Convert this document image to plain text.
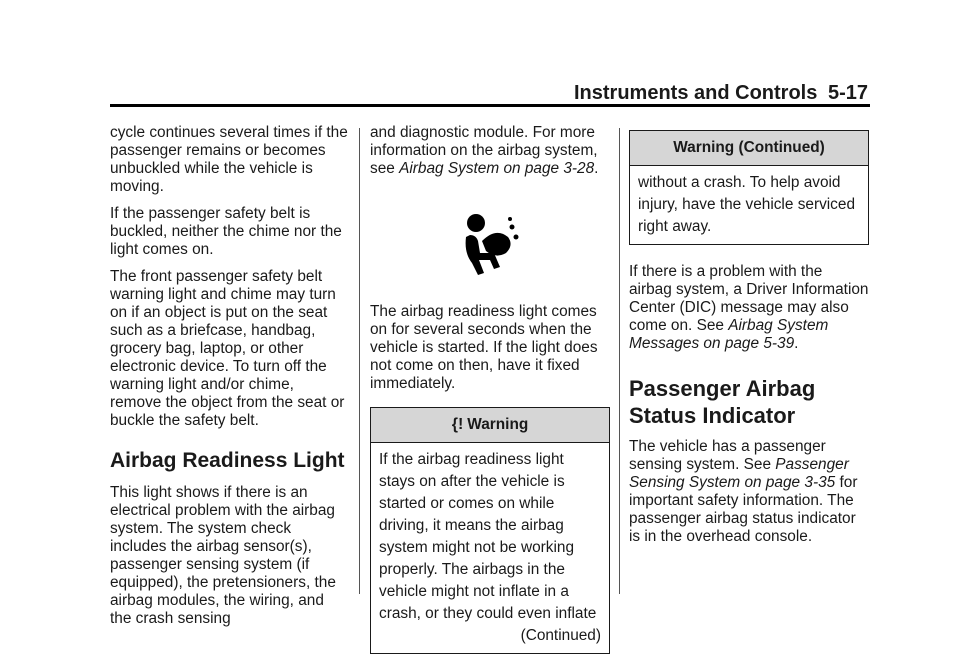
Instruments and Controls 5-17

cycle continues several times if the passenger remains or becomes unbuckled while the vehicle is moving.

If the passenger safety belt is buckled, neither the chime nor the light comes on.

The front passenger safety belt warning light and chime may turn on if an object is put on the seat such as a briefcase, handbag, grocery bag, laptop, or other electronic device. To turn off the warning light and/or chime, remove the object from the seat or buckle the safety belt.

Airbag Readiness Light

This light shows if there is an electrical problem with the airbag system. The system check includes the airbag sensor(s), passenger sensing system (if equipped), the pretensioners, the airbag modules, the wiring, and the crash sensing

and diagnostic module. For more information on the airbag system, see Airbag System on page 3-28.

The airbag readiness light comes on for several seconds when the vehicle is started. If the light does not come on then, have it fixed immediately.

{! Warning
If the airbag readiness light stays on after the vehicle is started or comes on while driving, it means the airbag system might not be working properly. The airbags in the vehicle might not inflate in a crash, or they could even inflate
(Continued)
Warning (Continued)
without a crash. To help avoid injury, have the vehicle serviced right away.

If there is a problem with the airbag system, a Driver Information Center (DIC) message may also come on. See Airbag System Messages on page 5-39.

Passenger Airbag Status Indicator

The vehicle has a passenger sensing system. See Passenger Sensing System on page 3-35 for important safety information. The passenger airbag status indicator is in the overhead console.
